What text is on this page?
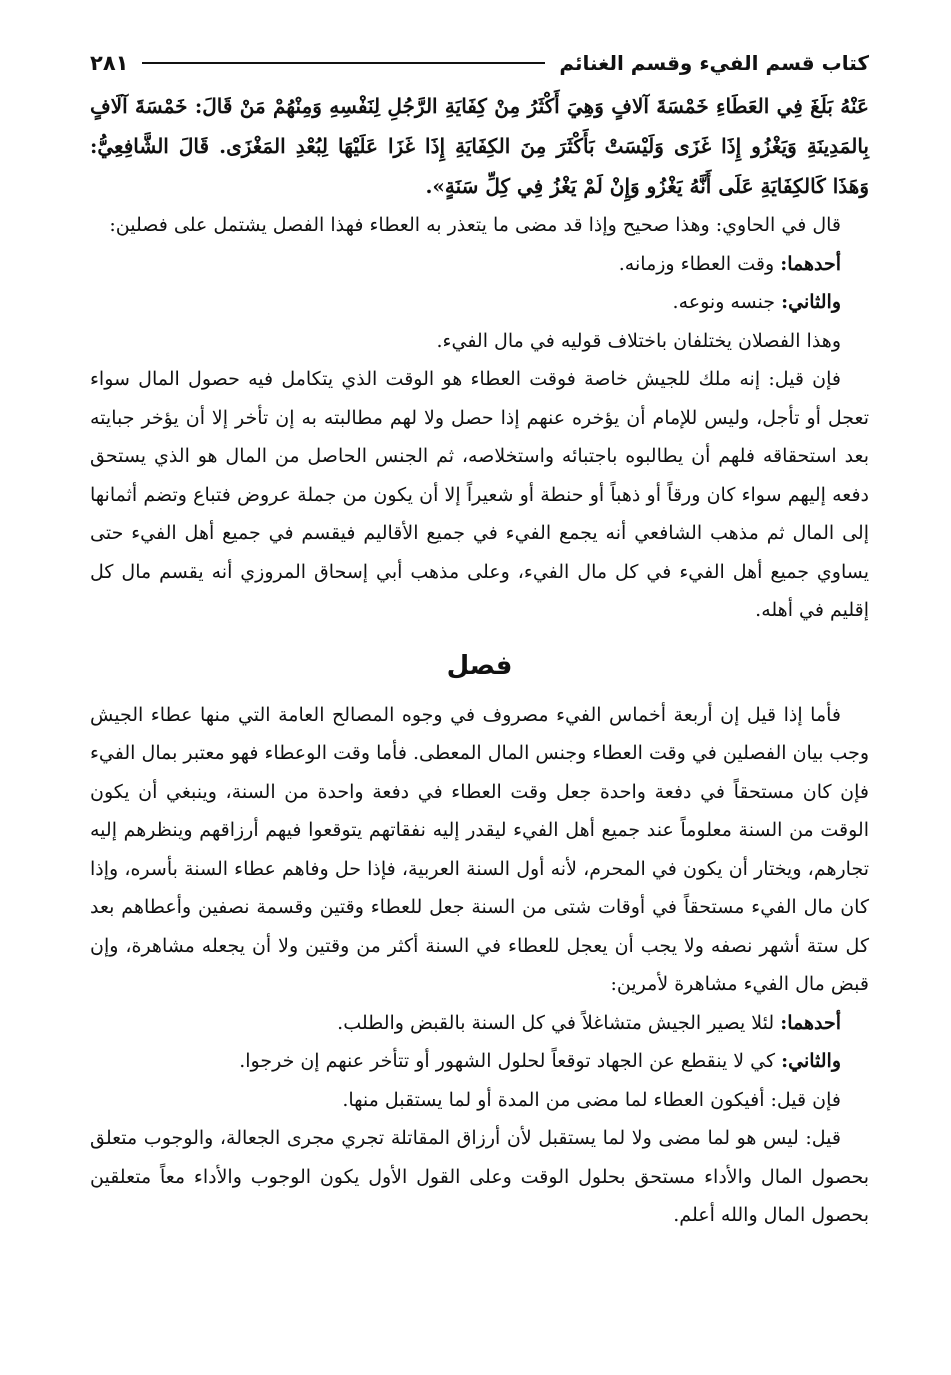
كتاب قسم الفيء وقسم الغنائم
٢٨١

عَنْهُ بَلَغَ فِي العَطَاءِ خَمْسَةَ آلافٍ وَهِيَ أَكْثَرُ مِنْ كِفَايَةِ الرَّجُلِ لِنَفْسِهِ وَمِنْهُمْ مَنْ قَالَ: خَمْسَةَ آلَافٍ بِالمَدِينَةِ وَيَغْزُو إِذَا غَزَى وَلَيْسَتْ بَأَكْثَرَ مِنَ الكِفَايَةِ إِذَا غَزَا عَلَيْهَا لِبُعْدِ المَغْزَى. قَالَ الشَّافِعِيُّ: وَهَذَا كَالكِفَايَةِ عَلَى أَنَّهُ يَغْزُو وَإِنْ لَمْ يَغْزُ فِي كِلِّ سَنَةٍ».

قال في الحاوي: وهذا صحيح وإذا قد مضى ما يتعذر به العطاء فهذا الفصل يشتمل على فصلين:

أحدهما: وقت العطاء وزمانه.

والثاني: جنسه ونوعه.

وهذا الفصلان يختلفان باختلاف قوليه في مال الفيء.

فإن قيل: إنه ملك للجيش خاصة فوقت العطاء هو الوقت الذي يتكامل فيه حصول المال سواء تعجل أو تأجل، وليس للإمام أن يؤخره عنهم إذا حصل ولا لهم مطالبته به إن تأخر إلا أن يؤخر جبايته بعد استحقاقه فلهم أن يطالبوه باجتبائه واستخلاصه، ثم الجنس الحاصل من المال هو الذي يستحق دفعه إليهم سواء كان ورقاً أو ذهباً أو حنطة أو شعيراً إلا أن يكون من جملة عروض فتباع وتضم أثمانها إلى المال ثم مذهب الشافعي أنه يجمع الفيء في جميع الأقاليم فيقسم في جميع أهل الفيء حتى يساوي جميع أهل الفيء في كل مال الفيء، وعلى مذهب أبي إسحاق المروزي أنه يقسم مال كل إقليم في أهله.

فصل

فأما إذا قيل إن أربعة أخماس الفيء مصروف في وجوه المصالح العامة التي منها عطاء الجيش وجب بيان الفصلين في وقت العطاء وجنس المال المعطى. فأما وقت الوعطاء فهو معتبر بمال الفيء فإن كان مستحقاً في دفعة واحدة جعل وقت العطاء في دفعة واحدة من السنة، وينبغي أن يكون الوقت من السنة معلوماً عند جميع أهل الفيء ليقدر إليه نفقاتهم يتوقعوا فيهم أرزاقهم وينظرهم إليه تجارهم، ويختار أن يكون في المحرم، لأنه أول السنة العربية، فإذا حل وفاهم عطاء السنة بأسره، وإذا كان مال الفيء مستحقاً في أوقات شتى من السنة جعل للعطاء وقتين وقسمة نصفين وأعطاهم بعد كل ستة أشهر نصفه ولا يجب أن يعجل للعطاء في السنة أكثر من وقتين ولا أن يجعله مشاهرة، وإن قبض مال الفيء مشاهرة لأمرين:

أحدهما: لئلا يصير الجيش متشاغلاً في كل السنة بالقبض والطلب.

والثاني: كي لا ينقطع عن الجهاد توقعاً لحلول الشهور أو تتأخر عنهم إن خرجوا.

فإن قيل: أفيكون العطاء لما مضى من المدة أو لما يستقبل منها.

قيل: ليس هو لما مضى ولا لما يستقبل لأن أرزاق المقاتلة تجري مجرى الجعالة، والوجوب متعلق بحصول المال والأداء مستحق بحلول الوقت وعلى القول الأول يكون الوجوب والأداء معاً متعلقين بحصول المال والله أعلم.
